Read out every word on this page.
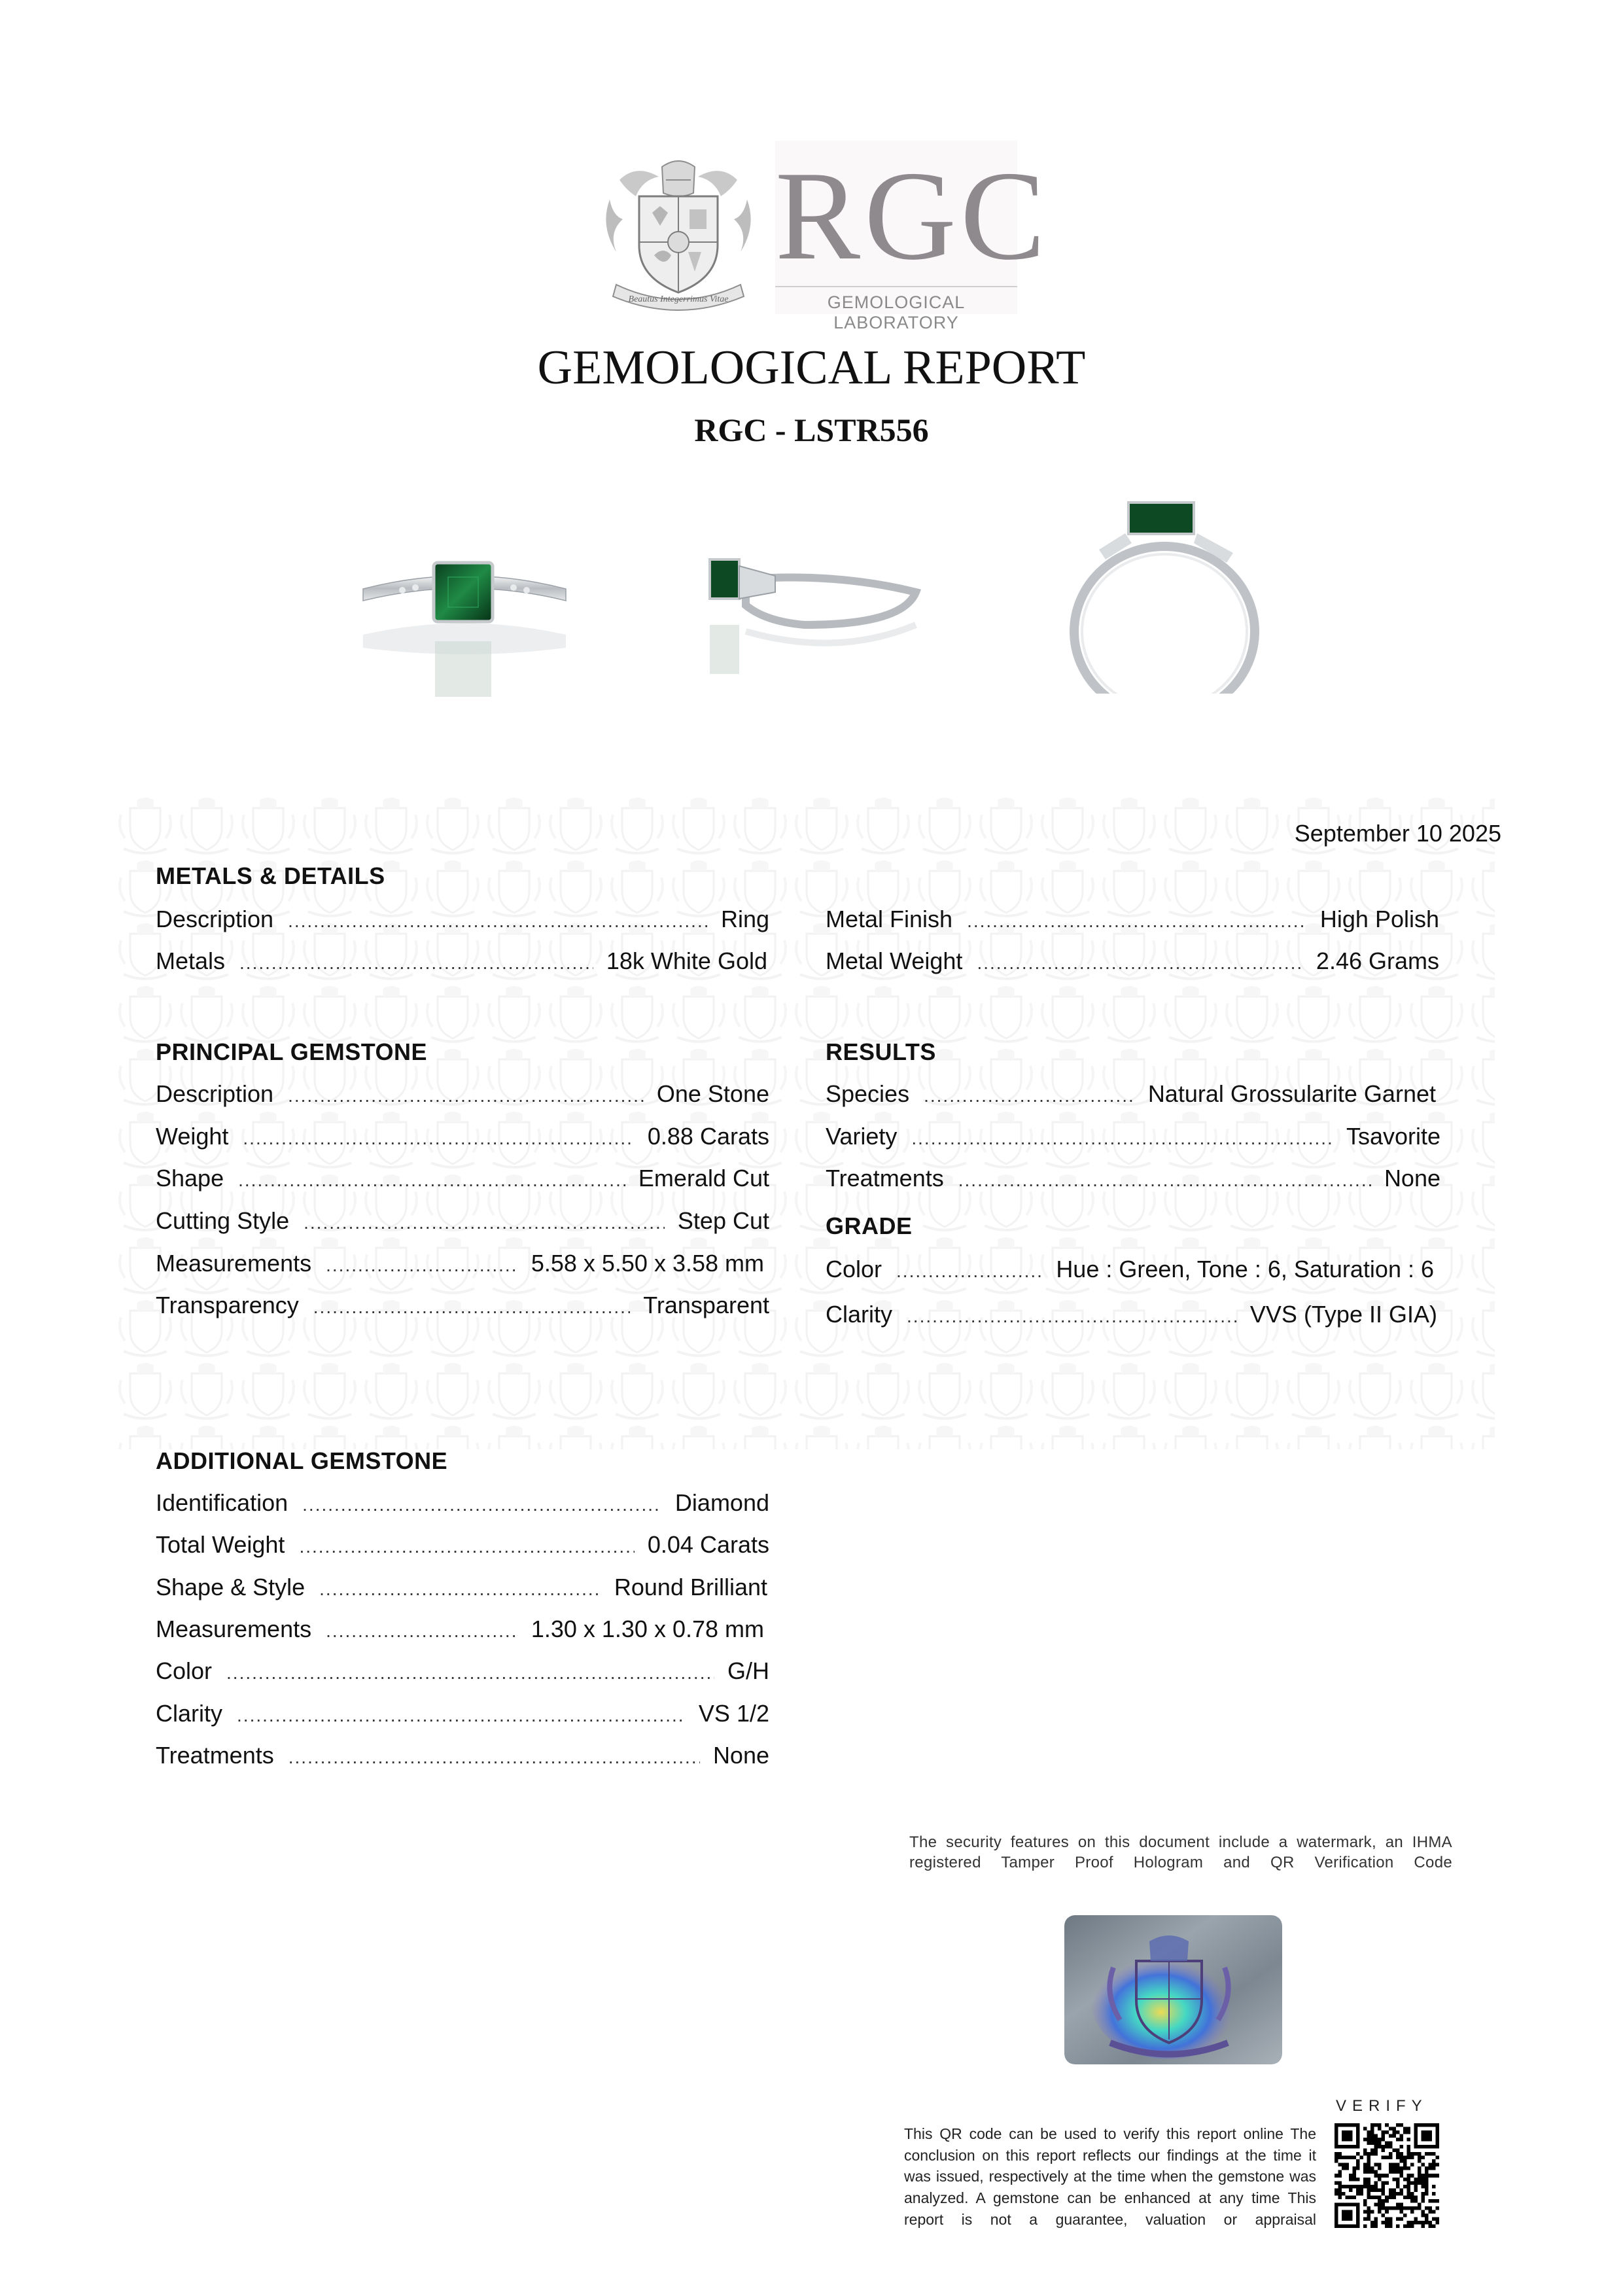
Beautus Integerrimus Vitae
RGC
GEMOLOGICAL LABORATORY
GEMOLOGICAL REPORT
RGC - LSTR556
September 10 2025
METALS & DETAILS
Description .....	Ring
Metals .....	18k White Gold
Metal Finish .....	High Polish
Metal Weight .....	2.46 Grams
PRINCIPAL GEMSTONE
Description .....	One Stone
Weight .....	0.88 Carats
Shape .....	Emerald Cut
Cutting Style .....	Step Cut
Measurements .....	5.58 x 5.50 x 3.58 mm
Transparency .....	Transparent
RESULTS
Species .....	Natural Grossularite Garnet
Variety .....	Tsavorite
Treatments .....	None
GRADE
Color .....	Hue : Green, Tone : 6, Saturation : 6
Clarity .....	VVS (Type II GIA)
ADDITIONAL GEMSTONE
Identification .....	Diamond
Total Weight .....	0.04 Carats
Shape & Style .....	Round Brilliant
Measurements .....	1.30 x 1.30 x 0.78 mm
Color .....	G/H
Clarity .....	VS 1/2
Treatments .....	None
The security features on this document include a watermark, an IHMA registered Tamper Proof Hologram and QR Verification Code
VERIFY
This QR code can be used to verify this report online The conclusion on this report reflects our findings at the time it was issued, respectively at the time when the gemstone was analyzed. A gemstone can be enhanced at any time This report is not a guarantee, valuation or appraisal
